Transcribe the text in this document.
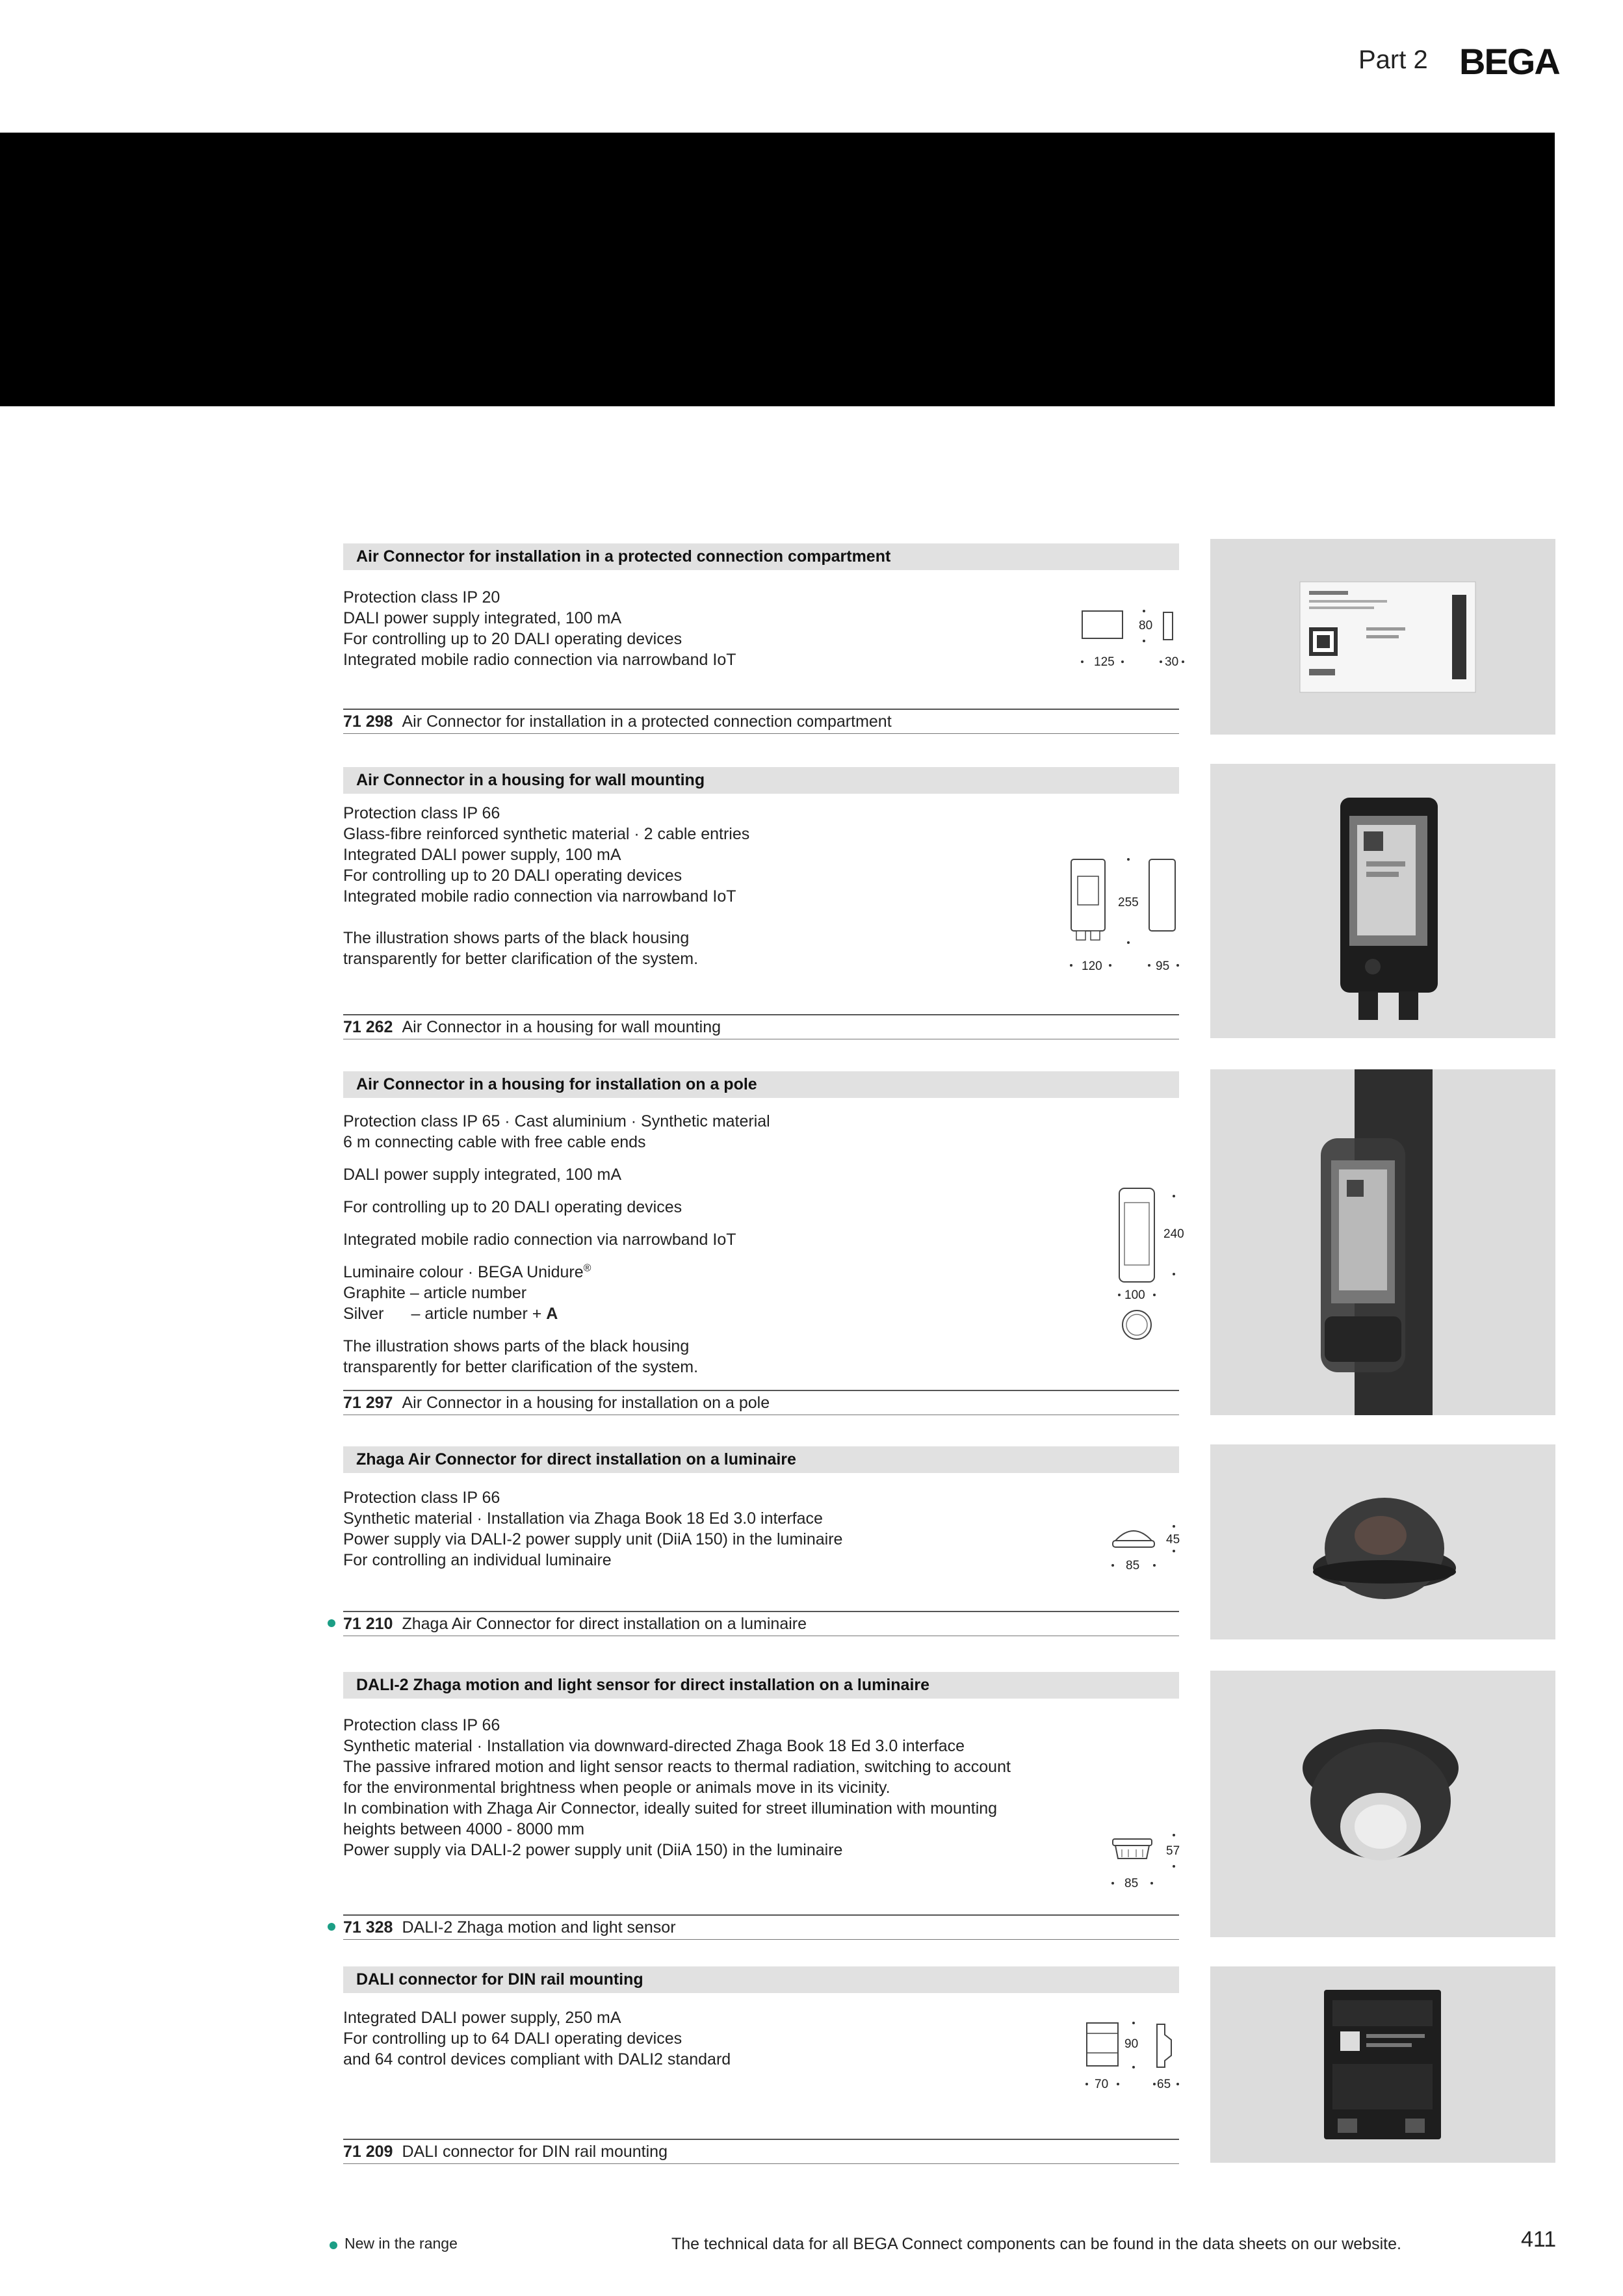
Part 2 BEGA
Air Connector for installation in a protected connection compartment

Protection class IP 20

DALI power supply integrated, 100 mA

For controlling up to 20 DALI operating devices

Integrated mobile radio connection via narrowband IoT

80
125	30
71 298 Air Connector for installation in a protected connection compartment
Air Connector in a housing for wall mounting

Protection class IP 66

Glass-fibre reinforced synthetic material · 2 cable entries

Integrated DALI power supply, 100 mA

For controlling up to 20 DALI operating devices

Integrated mobile radio connection via narrowband IoT

The illustration shows parts of the black housing

transparently for better clarification of the system.

255
120	95
71 262 Air Connector in a housing for wall mounting
Air Connector in a housing for installation on a pole

Protection class IP 65 · Cast aluminium · Synthetic material

6 m connecting cable with free cable ends

DALI power supply integrated, 100 mA

For controlling up to 20 DALI operating devices

Integrated mobile radio connection via narrowband IoT

Luminaire colour · BEGA Unidure®

Graphite – article number

Silver – article number + A

The illustration shows parts of the black housing

transparently for better clarification of the system.

240
100
71 297 Air Connector in a housing for installation on a pole
Zhaga Air Connector for direct installation on a luminaire

Protection class IP 66

Synthetic material · Installation via Zhaga Book 18 Ed 3.0 interface

Power supply via DALI-2 power supply unit (DiiA 150) in the luminaire

For controlling an individual luminaire

45
85
71 210 Zhaga Air Connector for direct installation on a luminaire
DALI-2 Zhaga motion and light sensor for direct installation on a luminaire

Protection class IP 66

Synthetic material · Installation via downward-directed Zhaga Book 18 Ed 3.0 interface

The passive infrared motion and light sensor reacts to thermal radiation, switching to account

for the environmental brightness when people or animals move in its vicinity.

In combination with Zhaga Air Connector, ideally suited for street illumination with mounting

heights between 4000 - 8000 mm

Power supply via DALI-2 power supply unit (DiiA 150) in the luminaire	57
85
71 328 DALI-2 Zhaga motion and light sensor
DALI connector for DIN rail mounting

Integrated DALI power supply, 250 mA

For controlling up to 64 DALI operating devices

and 64 control devices compliant with DALI2 standard

90
70	65
71 209 DALI connector for DIN rail mounting
New in the range	The technical data for all BEGA Connect components can be found in the data sheets on our website.	411
